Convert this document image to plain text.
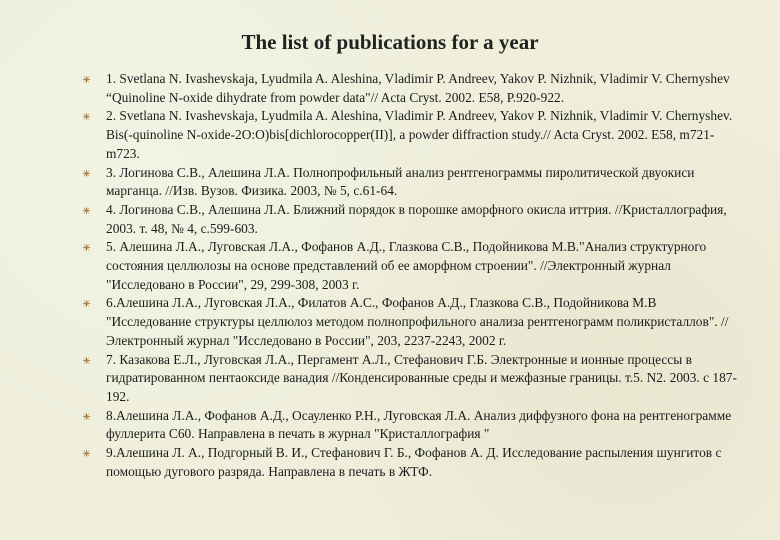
The list of publications for a year
1. Svetlana N. Ivashevskaja, Lyudmila A. Aleshina, Vladimir P. Andreev, Yakov P. Nizhnik, Vladimir V. Chernyshev “Quinoline N-oxide dihydrate from powder data"// Acta Cryst. 2002. E58, P.920-922.
2. Svetlana N. Ivashevskaja, Lyudmila A. Aleshina, Vladimir P. Andreev, Yakov P. Nizhnik, Vladimir V. Chernyshev. Bis(-quinoline N-oxide-2O:O)bis[dichlorocopper(II)], a powder diffraction study.// Acta Cryst. 2002. E58, m721-m723.
3. Логинова С.В., Алешина Л.А. Полнопрофильный анализ рентгенограммы пиролитической двуокиси марганца. //Изв. Вузов. Физика. 2003, № 5, с.61-64.
4. Логинова С.В., Алешина Л.А. Ближний порядок в порошке аморфного окисла иттрия. //Кристаллография, 2003. т. 48, № 4, с.599-603.
5. Алешина Л.А., Луговская Л.А., Фофанов А.Д., Глазкова С.В., Подойникова М.В."Анализ структурного состояния целлюлозы на основе представлений об ее аморфном строении". //Электронный журнал "Исследовано в России", 29, 299-308, 2003 г.
6.Алешина Л.А., Луговская Л.А., Филатов А.С., Фофанов А.Д., Глазкова С.В., Подойникова М.В "Исследование структуры целлюлоз методом полнопрофильного анализа рентгенограмм поликристаллов". // Электронный журнал "Исследовано в России", 203, 2237-2243, 2002 г.
7. Казакова Е.Л., Луговская Л.А., Пергамент А.Л., Стефанович Г.Б. Электронные и ионные процессы в гидратированном пентаоксиде ванадия //Конденсированные среды и межфазные границы. т.5. N2. 2003. с 187-192.
8.Алешина Л.А., Фофанов А.Д., Осауленко Р.Н., Луговская Л.А. Анализ диффузного фона на рентгенограмме фуллерита С60. Направлена в печать в журнал "Кристаллография "
9.Алешина Л. А., Подгорный В. И., Стефанович Г. Б., Фофанов А. Д. Исследование распыления шунгитов с помощью дугового разряда. Направлена в печать в ЖТФ.
